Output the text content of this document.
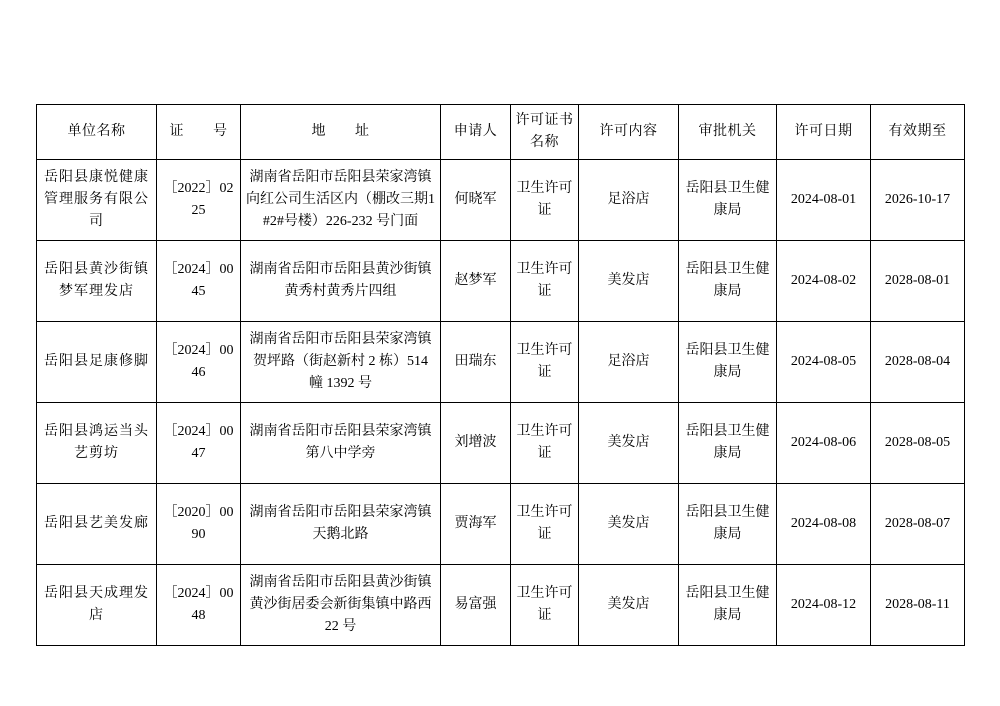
单位名称	证　　号	地　　址	申请人	许可证书名称	许可内容	审批机关	许可日期	有效期至
岳阳县康悦健康管理服务有限公司	［2022］0225	湖南省岳阳市岳阳县荣家湾镇向红公司生活区内（棚改三期1#2#号楼）226-232 号门面	何晓军	卫生许可证	足浴店	岳阳县卫生健康局	2024-08-01	2026-10-17
岳阳县黄沙街镇梦军理发店	［2024］0045	湖南省岳阳市岳阳县黄沙街镇黄秀村黄秀片四组	赵梦军	卫生许可证	美发店	岳阳县卫生健康局	2024-08-02	2028-08-01
岳阳县足康修脚	［2024］0046	湖南省岳阳市岳阳县荣家湾镇贺坪路（街赵新村 2 栋）514 幢 1392 号	田瑞东	卫生许可证	足浴店	岳阳县卫生健康局	2024-08-05	2028-08-04
岳阳县鸿运当头艺剪坊	［2024］0047	湖南省岳阳市岳阳县荣家湾镇第八中学旁	刘增波	卫生许可证	美发店	岳阳县卫生健康局	2024-08-06	2028-08-05
岳阳县艺美发廊	［2020］0090	湖南省岳阳市岳阳县荣家湾镇天鹅北路	贾海军	卫生许可证	美发店	岳阳县卫生健康局	2024-08-08	2028-08-07
岳阳县天成理发店	［2024］0048	湖南省岳阳市岳阳县黄沙街镇黄沙街居委会新街集镇中路西 22 号	易富强	卫生许可证	美发店	岳阳县卫生健康局	2024-08-12	2028-08-11
